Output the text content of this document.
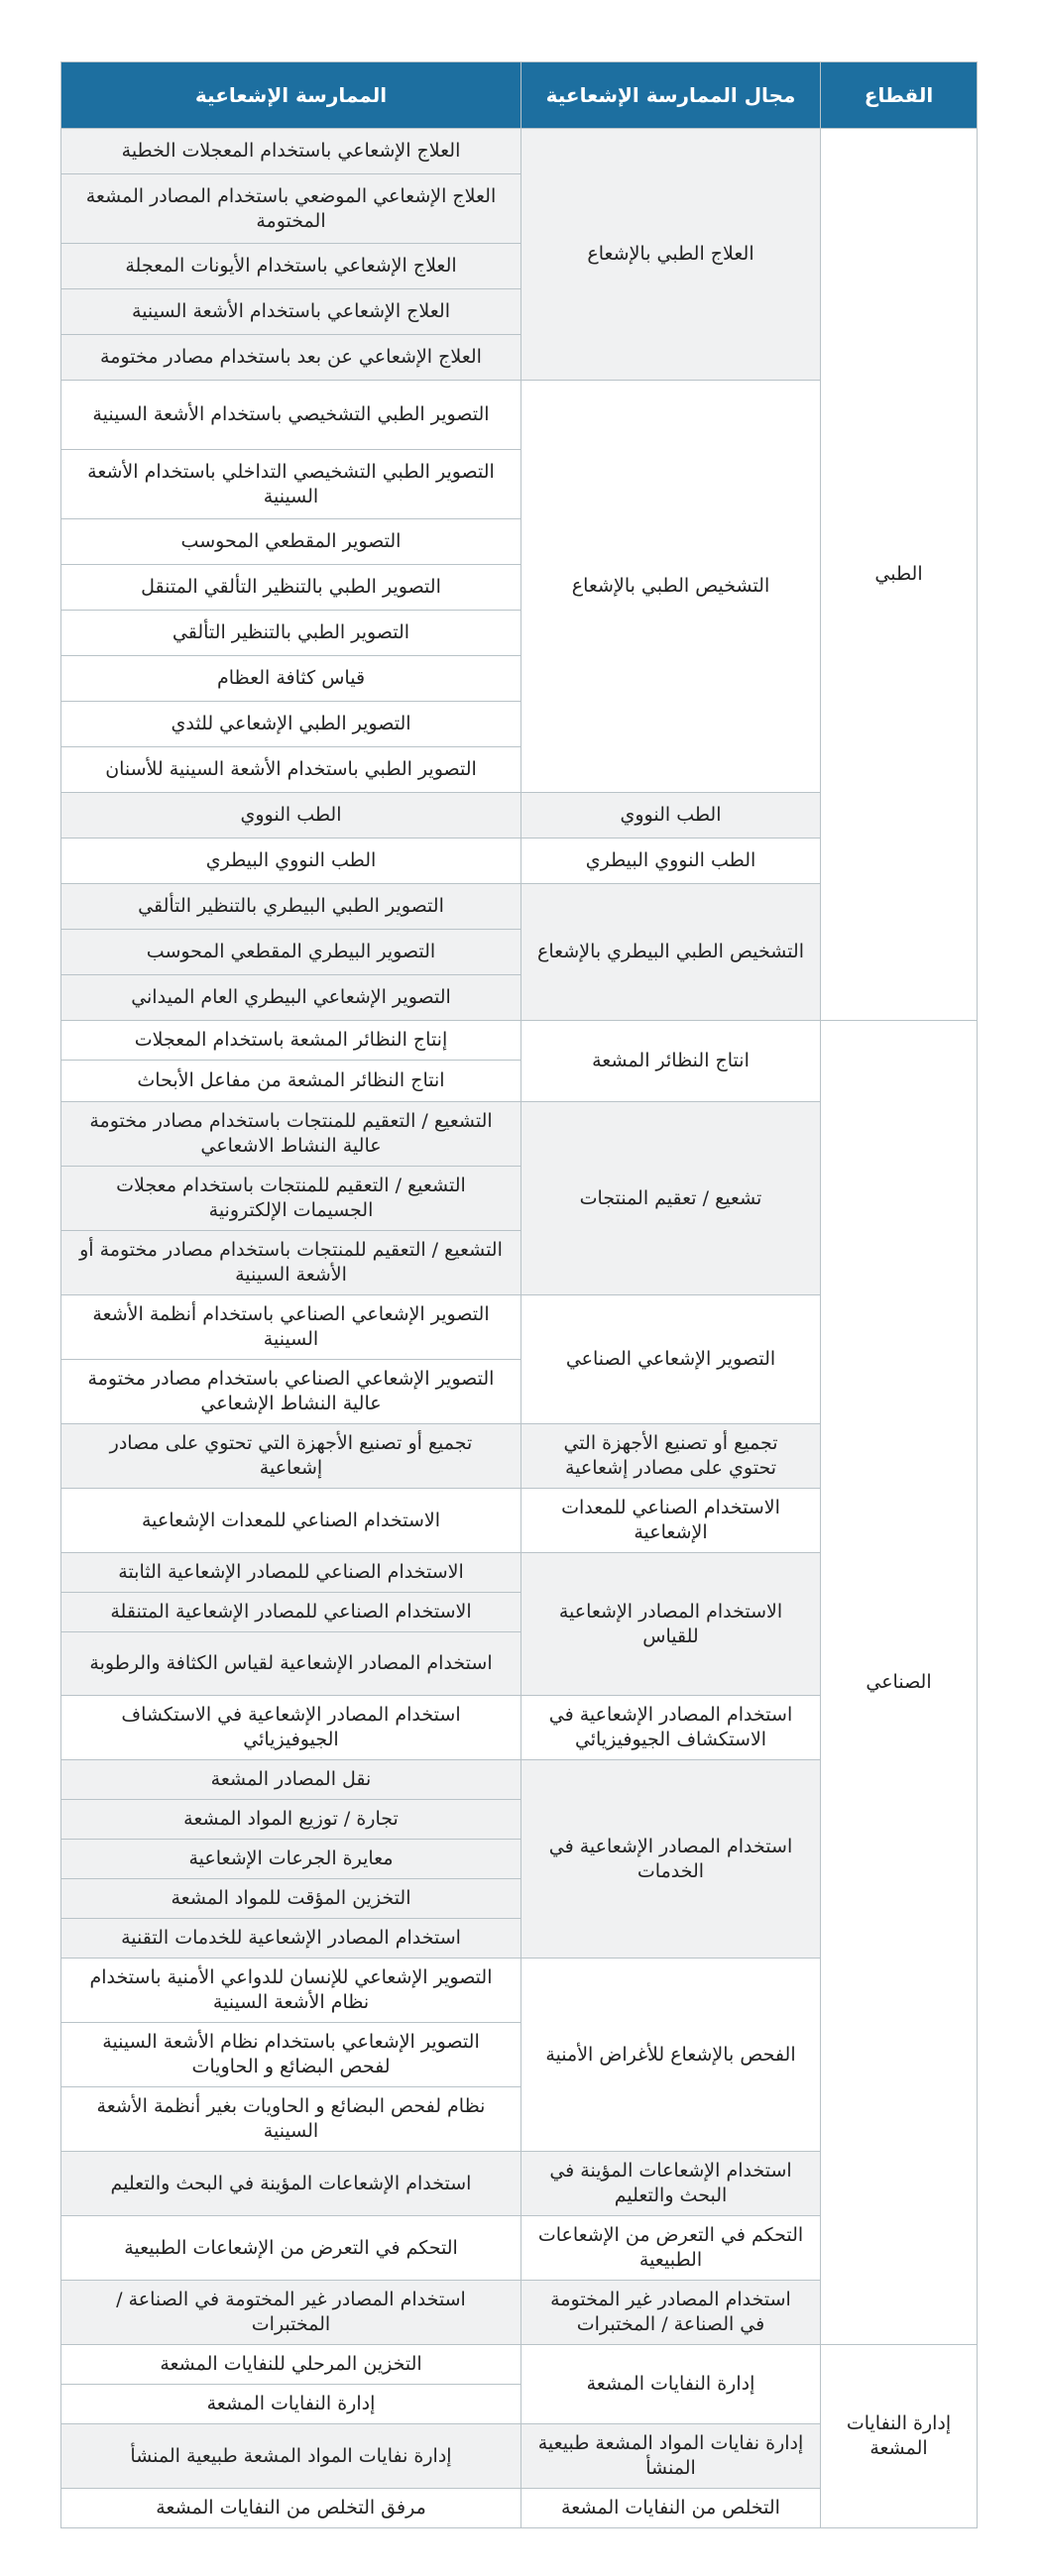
القطاع	مجال الممارسة الإشعاعية	الممارسة الإشعاعية
الطبي	العلاج الطبي بالإشعاع	العلاج الإشعاعي باستخدام المعجلات الخطية
		العلاج الإشعاعي الموضعي باستخدام المصادر المشعة المختومة
		العلاج الإشعاعي باستخدام الأيونات المعجلة
		العلاج الإشعاعي باستخدام الأشعة السينية
		العلاج الإشعاعي عن بعد باستخدام مصادر مختومة
	التشخيص الطبي بالإشعاع	التصوير الطبي التشخيصي باستخدام الأشعة السينية
		التصوير الطبي التشخيصي التداخلي باستخدام الأشعة السينية
		التصوير المقطعي المحوسب
		التصوير الطبي بالتنظير التألقي المتنقل
		التصوير الطبي بالتنظير التألقي
		قياس كثافة العظام
		التصوير الطبي الإشعاعي للثدي
		التصوير الطبي باستخدام الأشعة السينية للأسنان
	الطب النووي	الطب النووي
	الطب النووي البيطري	الطب النووي البيطري
	التشخيص الطبي البيطري بالإشعاع	التصوير الطبي البيطري بالتنظير التألقي
		التصوير البيطري المقطعي المحوسب
		التصوير الإشعاعي البيطري العام الميداني
الصناعي	انتاج النظائر المشعة	إنتاج النظائر المشعة باستخدام المعجلات
		انتاج النظائر المشعة من مفاعل الأبحاث
	تشعيع / تعقيم المنتجات	التشعيع / التعقيم للمنتجات باستخدام مصادر مختومة عالية النشاط الاشعاعي
		التشعيع / التعقيم للمنتجات باستخدام معجلات الجسيمات الإلكترونية
		التشعيع / التعقيم للمنتجات باستخدام مصادر مختومة أو الأشعة السينية
	التصوير الإشعاعي الصناعي	التصوير الإشعاعي الصناعي باستخدام أنظمة الأشعة السينية
		التصوير الإشعاعي الصناعي باستخدام مصادر مختومة عالية النشاط الإشعاعي
	تجميع أو تصنيع الأجهزة التي تحتوي على مصادر إشعاعية	تجميع أو تصنيع الأجهزة التي تحتوي على مصادر إشعاعية
	الاستخدام الصناعي للمعدات الإشعاعية	الاستخدام الصناعي للمعدات الإشعاعية
	الاستخدام المصادر الإشعاعية للقياس	الاستخدام الصناعي للمصادر الإشعاعية الثابتة
		الاستخدام الصناعي للمصادر الإشعاعية المتنقلة
		استخدام المصادر الإشعاعية لقياس الكثافة والرطوبة
	استخدام المصادر الإشعاعية في الاستكشاف الجيوفيزيائي	استخدام المصادر الإشعاعية في الاستكشاف الجيوفيزيائي
	استخدام المصادر الإشعاعية في الخدمات	نقل المصادر المشعة
		تجارة / توزيع المواد المشعة
		معايرة الجرعات الإشعاعية
		التخزين المؤقت للمواد المشعة
		استخدام المصادر الإشعاعية للخدمات التقنية
	الفحص بالإشعاع للأغراض الأمنية	التصوير الإشعاعي للإنسان للدواعي الأمنية باستخدام نظام الأشعة السينية
		التصوير الإشعاعي باستخدام نظام الأشعة السينية لفحص البضائع و الحاويات
		نظام لفحص البضائع و الحاويات بغير أنظمة الأشعة السينية
	استخدام الإشعاعات المؤينة في البحث والتعليم	استخدام الإشعاعات المؤينة في البحث والتعليم
	التحكم في التعرض من الإشعاعات الطبيعية	التحكم في التعرض من الإشعاعات الطبيعية
	استخدام المصادر غير المختومة في الصناعة / المختبرات	استخدام المصادر غير المختومة في الصناعة / المختبرات
إدارة النفايات المشعة	إدارة النفايات المشعة	التخزين المرحلي للنفايات المشعة
		إدارة النفايات المشعة
	إدارة نفايات المواد المشعة طبيعية المنشأ	إدارة نفايات المواد المشعة طبيعية المنشأ
	التخلص من النفايات المشعة	مرفق التخلص من النفايات المشعة
